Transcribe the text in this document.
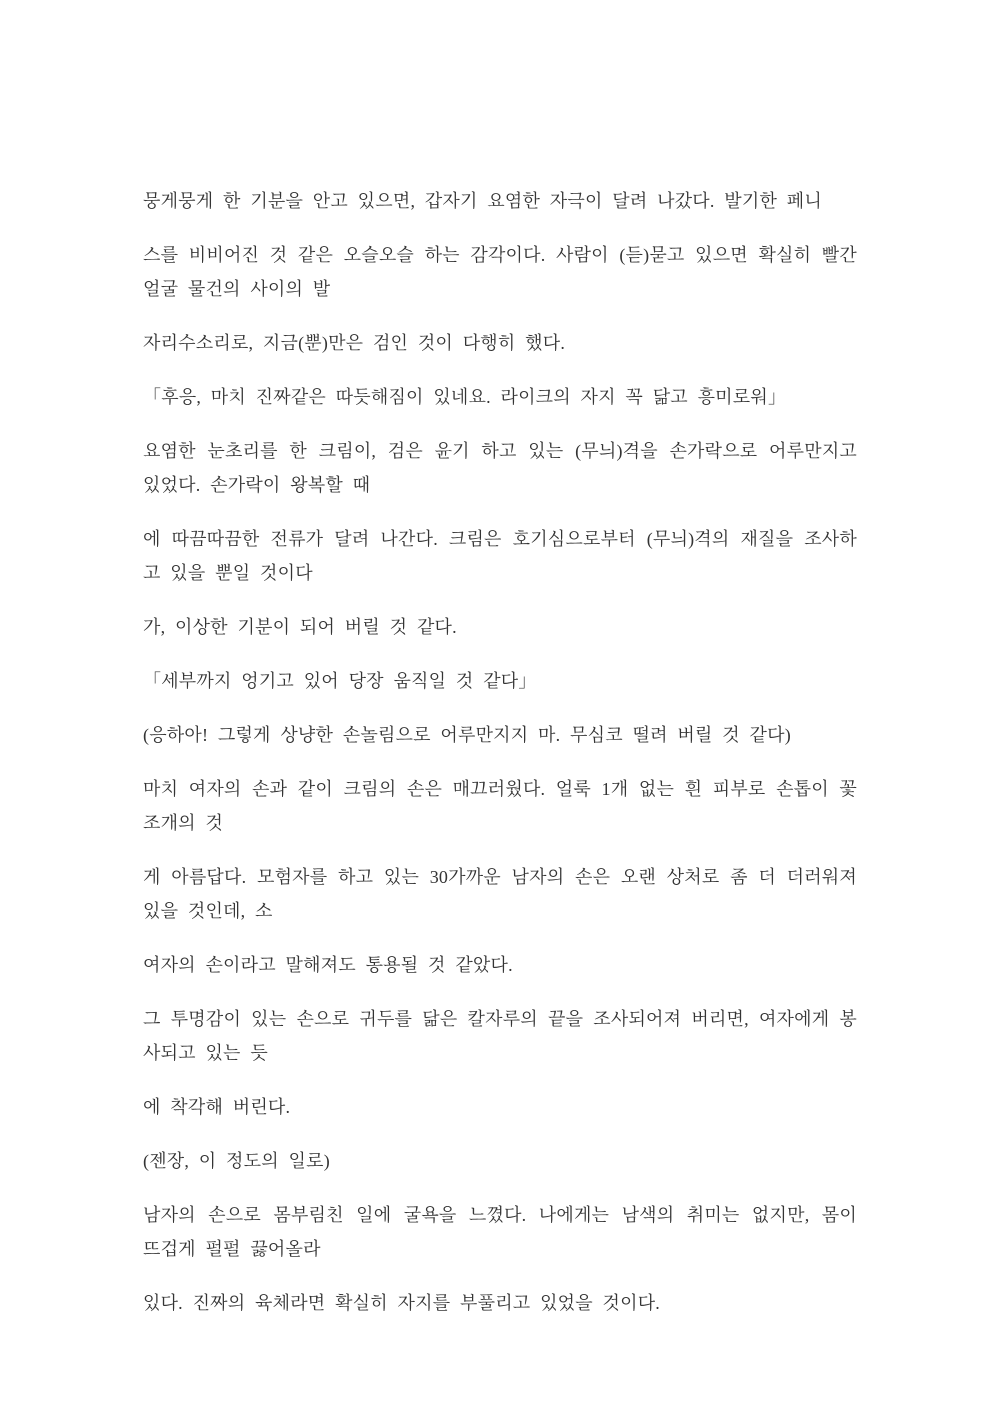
뭉게뭉게 한 기분을 안고 있으면, 갑자기 요염한 자극이 달려 나갔다. 발기한 페니

스를 비비어진 것 같은 오슬오슬 하는 감각이다. 사람이 (듣)묻고 있으면 확실히 빨간 얼굴 물건의 사이의 발

자리수소리로, 지금(뿐)만은 검인 것이 다행히 했다.

「후응, 마치 진짜같은 따듯해짐이 있네요. 라이크의 자지 꼭 닮고 흥미로워」

요염한 눈초리를 한 크림이, 검은 윤기 하고 있는 (무늬)격을 손가락으로 어루만지고 있었다. 손가락이 왕복할 때

에 따끔따끔한 전류가 달려 나간다. 크림은 호기심으로부터 (무늬)격의 재질을 조사하고 있을 뿐일 것이다

가, 이상한 기분이 되어 버릴 것 같다.

「세부까지 엉기고 있어 당장 움직일 것 같다」

(응하아! 그렇게 상냥한 손놀림으로 어루만지지 마. 무심코 떨려 버릴 것 같다)

마치 여자의 손과 같이 크림의 손은 매끄러웠다. 얼룩 1개 없는 흰 피부로 손톱이 꽃조개의 것

게 아름답다. 모험자를 하고 있는 30가까운 남자의 손은 오랜 상처로 좀 더 더러워져 있을 것인데, 소

여자의 손이라고 말해져도 통용될 것 같았다.

그 투명감이 있는 손으로 귀두를 닮은 칼자루의 끝을 조사되어져 버리면, 여자에게 봉사되고 있는 듯

에 착각해 버린다.

(젠장, 이 정도의 일로)

남자의 손으로 몸부림친 일에 굴욕을 느꼈다. 나에게는 남색의 취미는 없지만, 몸이 뜨겁게 펄펄 끓어올라

있다. 진짜의 육체라면 확실히 자지를 부풀리고 있었을 것이다.
